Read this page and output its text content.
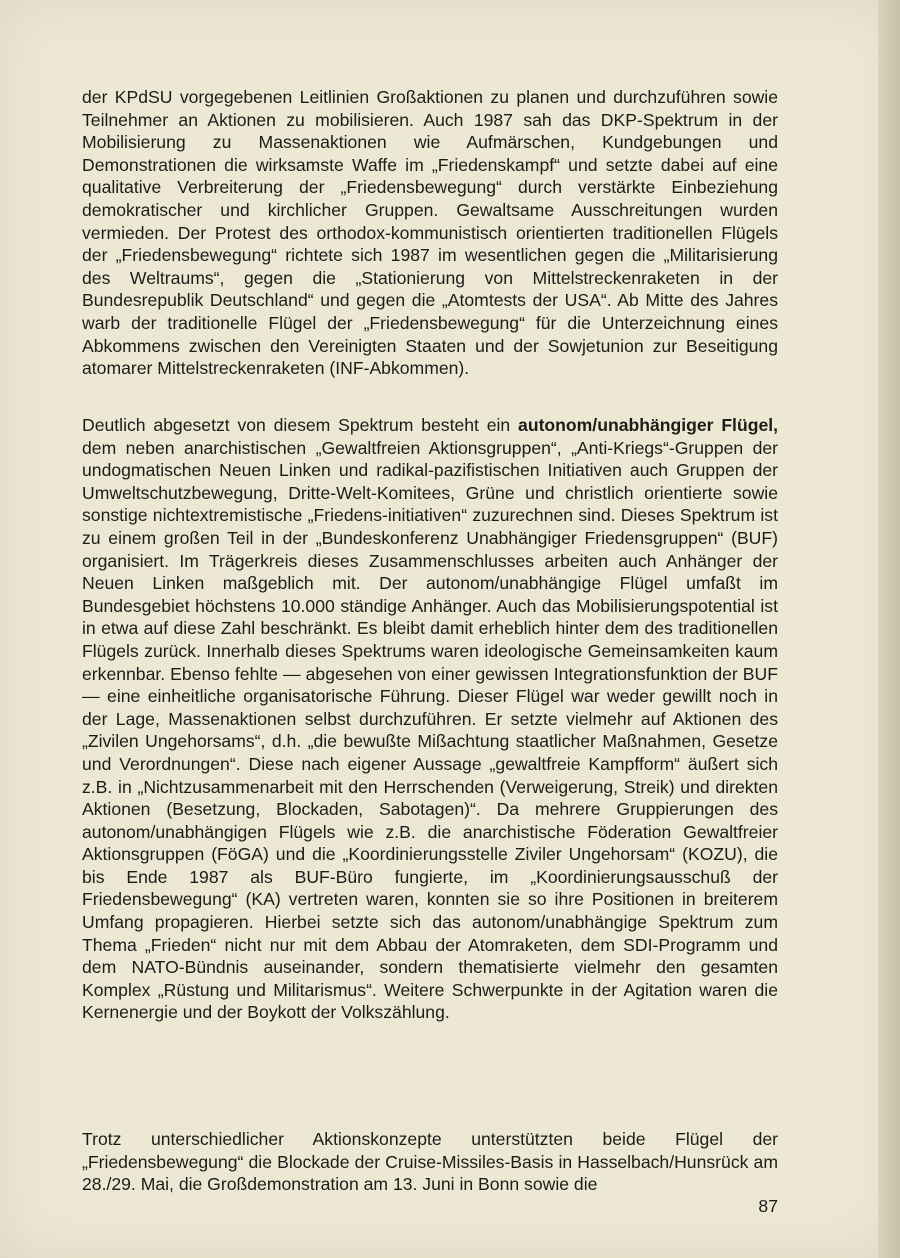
der KPdSU vorgegebenen Leitlinien Großaktionen zu planen und durchzuführen sowie Teilnehmer an Aktionen zu mobilisieren. Auch 1987 sah das DKP-Spektrum in der Mobilisierung zu Massenaktionen wie Aufmärschen, Kundgebungen und Demonstrationen die wirksamste Waffe im „Friedenskampf“ und setzte dabei auf eine qualitative Verbreiterung der „Friedensbewegung“ durch verstärkte Einbeziehung demokratischer und kirchlicher Gruppen. Gewaltsame Ausschreitungen wurden vermieden. Der Protest des orthodox-kommunistisch orientierten traditionellen Flügels der „Friedensbewegung“ richtete sich 1987 im wesentlichen gegen die „Militarisierung des Weltraums“, gegen die „Stationierung von Mittelstreckenraketen in der Bundesrepublik Deutschland“ und gegen die „Atomtests der USA“. Ab Mitte des Jahres warb der traditionelle Flügel der „Friedensbewegung“ für die Unterzeichnung eines Abkommens zwischen den Vereinigten Staaten und der Sowjetunion zur Beseitigung atomarer Mittelstreckenraketen (INF-Abkommen).

Deutlich abgesetzt von diesem Spektrum besteht ein autonom/unabhängiger Flügel, dem neben anarchistischen „Gewaltfreien Aktionsgruppen“, „Anti-Kriegs“-Gruppen der undogmatischen Neuen Linken und radikal-pazifistischen Initiativen auch Gruppen der Umweltschutzbewegung, Dritte-Welt-Komitees, Grüne und christlich orientierte sowie sonstige nichtextremistische „Friedens-initiativen“ zuzurechnen sind. Dieses Spektrum ist zu einem großen Teil in der „Bundeskonferenz Unabhängiger Friedensgruppen“ (BUF) organisiert. Im Trägerkreis dieses Zusammenschlusses arbeiten auch Anhänger der Neuen Linken maßgeblich mit. Der autonom/unabhängige Flügel umfaßt im Bundesgebiet höchstens 10.000 ständige Anhänger. Auch das Mobilisierungspotential ist in etwa auf diese Zahl beschränkt. Es bleibt damit erheblich hinter dem des traditionellen Flügels zurück. Innerhalb dieses Spektrums waren ideologische Gemeinsamkeiten kaum erkennbar. Ebenso fehlte — abgesehen von einer gewissen Integrationsfunktion der BUF — eine einheitliche organisatorische Führung. Dieser Flügel war weder gewillt noch in der Lage, Massenaktionen selbst durchzuführen. Er setzte vielmehr auf Aktionen des „Zivilen Ungehorsams“, d.h. „die bewußte Mißachtung staatlicher Maßnahmen, Gesetze und Verordnungen“. Diese nach eigener Aussage „gewaltfreie Kampfform“ äußert sich z.B. in „Nichtzusammenarbeit mit den Herrschenden (Verweigerung, Streik) und direkten Aktionen (Besetzung, Blockaden, Sabotagen)“. Da mehrere Gruppierungen des autonom/unabhängigen Flügels wie z.B. die anarchistische Föderation Gewaltfreier Aktionsgruppen (FöGA) und die „Koordinierungsstelle Ziviler Ungehorsam“ (KOZU), die bis Ende 1987 als BUF-Büro fungierte, im „Koordinierungsausschuß der Friedensbewegung“ (KA) vertreten waren, konnten sie so ihre Positionen in breiterem Umfang propagieren. Hierbei setzte sich das autonom/unabhängige Spektrum zum Thema „Frieden“ nicht nur mit dem Abbau der Atomraketen, dem SDI-Programm und dem NATO-Bündnis auseinander, sondern thematisierte vielmehr den gesamten Komplex „Rüstung und Militarismus“. Weitere Schwerpunkte in der Agitation waren die Kernenergie und der Boykott der Volkszählung.

Trotz unterschiedlicher Aktionskonzepte unterstützten beide Flügel der „Friedensbewegung“ die Blockade der Cruise-Missiles-Basis in Hasselbach/Hunsrück am 28./29. Mai, die Großdemonstration am 13. Juni in Bonn sowie die

87
